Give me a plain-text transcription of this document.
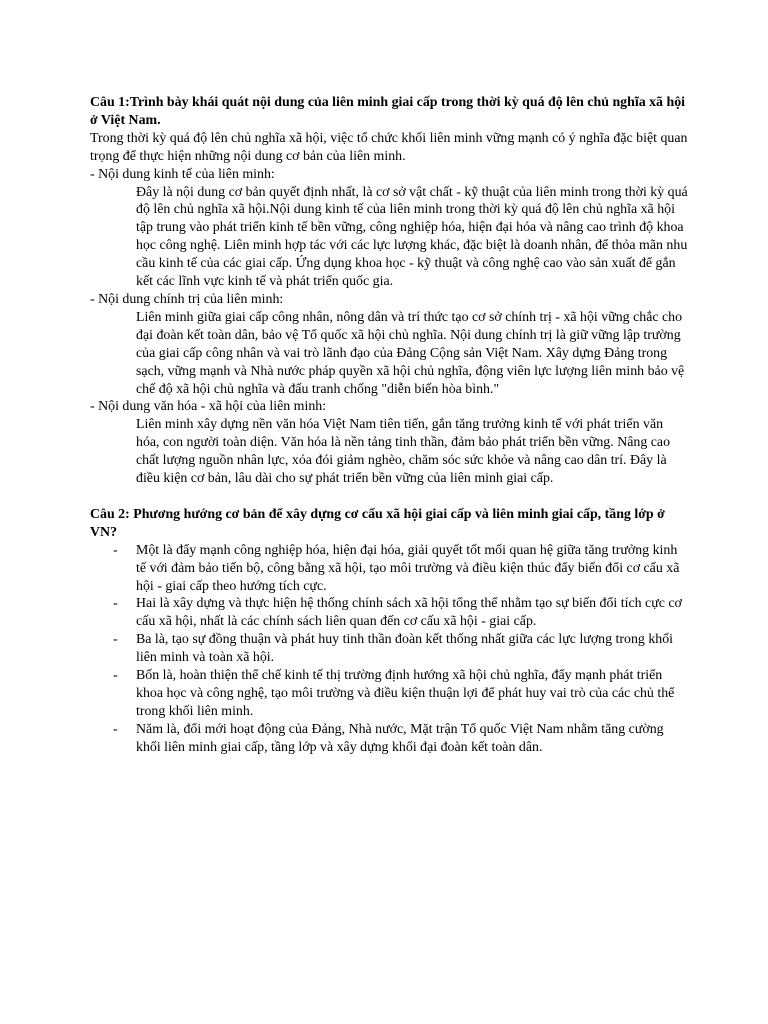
Câu 1:Trình bày khái quát nội dung của liên minh giai cấp trong thời kỳ quá độ lên chủ nghĩa xã hội ở Việt Nam.

Trong thời kỳ quá độ lên chủ nghĩa xã hội, việc tổ chức khối liên minh vững mạnh có ý nghĩa đặc biệt quan trọng để thực hiện những nội dung cơ bản của liên minh.

- Nội dung kinh tế của liên minh:

Đây là nội dung cơ bản quyết định nhất, là cơ sở vật chất - kỹ thuật của liên minh trong thời kỳ quá độ lên chủ nghĩa xã hội.Nội dung kinh tế của liên minh trong thời kỳ quá độ lên chủ nghĩa xã hội tập trung vào phát triển kinh tế bền vững, công nghiệp hóa, hiện đại hóa và nâng cao trình độ khoa học công nghệ. Liên minh hợp tác với các lực lượng khác, đặc biệt là doanh nhân, để thỏa mãn nhu cầu kinh tế của các giai cấp. Ứng dụng khoa học - kỹ thuật và công nghệ cao vào sản xuất để gắn kết các lĩnh vực kinh tế và phát triển quốc gia.

- Nội dung chính trị của liên minh:

Liên minh giữa giai cấp công nhân, nông dân và trí thức tạo cơ sở chính trị - xã hội vững chắc cho đại đoàn kết toàn dân, bảo vệ Tổ quốc xã hội chủ nghĩa. Nội dung chính trị là giữ vững lập trường của giai cấp công nhân và vai trò lãnh đạo của Đảng Cộng sản Việt Nam. Xây dựng Đảng trong sạch, vững mạnh và Nhà nước pháp quyền xã hội chủ nghĩa, động viên lực lượng liên minh bảo vệ chế độ xã hội chủ nghĩa và đấu tranh chống "diễn biến hòa bình."

- Nội dung văn hóa - xã hội của liên minh:

Liên minh xây dựng nền văn hóa Việt Nam tiên tiến, gắn tăng trưởng kinh tế với phát triển văn hóa, con người toàn diện. Văn hóa là nền tảng tinh thần, đảm bảo phát triển bền vững. Nâng cao chất lượng nguồn nhân lực, xóa đói giảm nghèo, chăm sóc sức khỏe và nâng cao dân trí. Đây là điều kiện cơ bản, lâu dài cho sự phát triển bền vững của liên minh giai cấp.

Câu 2: Phương hướng cơ bản để xây dựng cơ cấu xã hội giai cấp và liên minh giai cấp, tầng lớp ở VN?

- Một là đẩy mạnh công nghiệp hóa, hiện đại hóa, giải quyết tốt mối quan hệ giữa tăng trưởng kinh tế với đảm bảo tiến bộ, công bằng xã hội, tạo môi trường và điều kiện thúc đẩy biến đổi cơ cấu xã hội - giai cấp theo hướng tích cực.
- Hai là xây dựng và thực hiện hệ thống chính sách xã hội tổng thể nhằm tạo sự biến đổi tích cực cơ cấu xã hội, nhất là các chính sách liên quan đến cơ cấu xã hội - giai cấp.
- Ba là, tạo sự đồng thuận và phát huy tinh thần đoàn kết thống nhất giữa các lực lượng trong khối liên minh và toàn xã hội.
- Bốn là, hoàn thiện thể chế kinh tế thị trường định hướng xã hội chủ nghĩa, đẩy mạnh phát triển khoa học và công nghệ, tạo môi trường và điều kiện thuận lợi để phát huy vai trò của các chủ thể trong khối liên minh.
- Năm là, đổi mới hoạt động của Đảng, Nhà nước, Mặt trận Tổ quốc Việt Nam nhằm tăng cường khối liên minh giai cấp, tầng lớp và xây dựng khối đại đoàn kết toàn dân.
